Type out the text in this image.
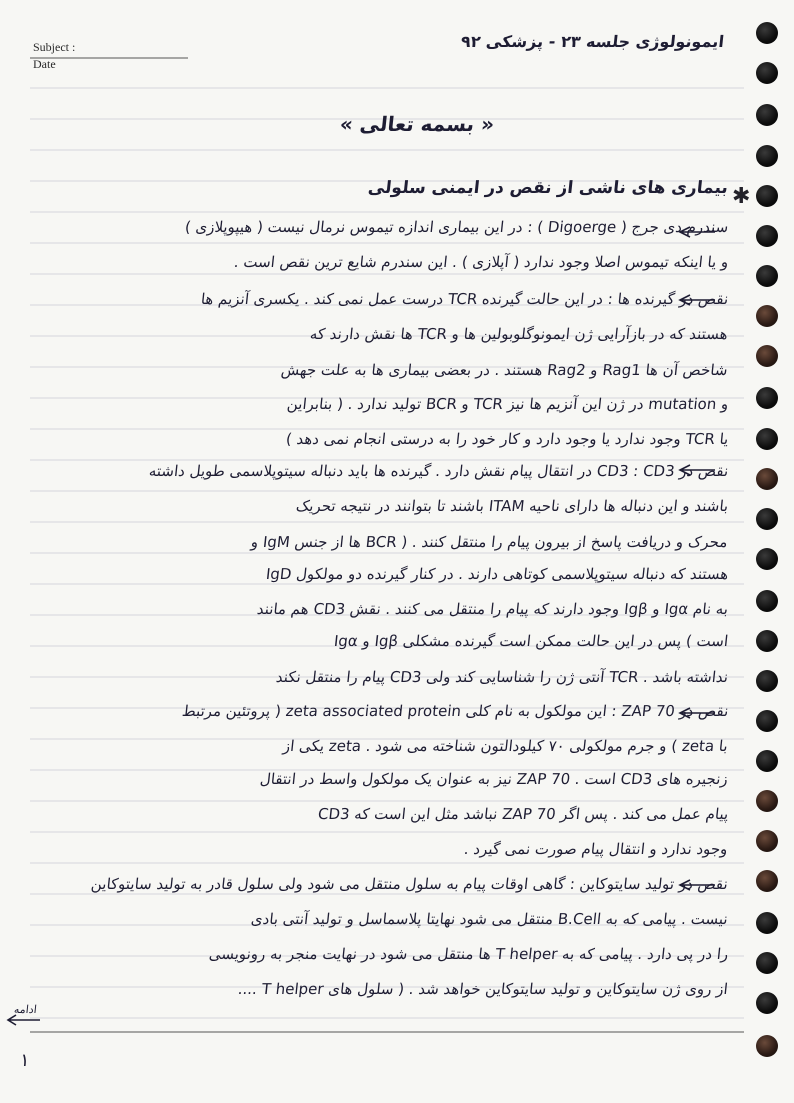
Subject :
Date
ایمونولوژی جلسه ۲۳ - پزشکی ۹۲
« بسمه تعالی »
✱
بیماری های ناشی از نقص در ایمنی سلولی
سندرم دی جرج ( Digoerge ) : در این بیماری اندازه تیموس نرمال نیست ( هیپوپلازی )
و یا اینکه تیموس اصلا وجود ندارد ( آپلازی ) . این سندرم شایع ترین نقص است .
نقص در گیرنده ها : در این حالت گیرنده TCR درست عمل نمی کند . یکسری آنزیم ها
هستند که در بازآرایی ژن ایمونوگلوبولین ها و TCR ها نقش دارند که
شاخص آن ها Rag1 و Rag2 هستند . در بعضی بیماری ها به علت جهش
و mutation در ژن این آنزیم ها نیز TCR و BCR تولید ندارد . ( بنابراین
یا TCR وجود ندارد یا وجود دارد و کار خود را به درستی انجام نمی دهد )
نقص در CD3 : CD3 در انتقال پیام نقش دارد . گیرنده ها باید دنباله سیتوپلاسمی طویل داشته
باشند و این دنباله ها دارای ناحیه ITAM باشند تا بتوانند در نتیجه تحریک
محرک و دریافت پاسخ از بیرون پیام را منتقل کنند . ( BCR ها از جنس IgM و
IgD هستند که دنباله سیتوپلاسمی کوتاهی دارند . در کنار گیرنده دو مولکول
به نام Igα و Igβ وجود دارند که پیام را منتقل می کنند . نقش CD3 هم مانند
Igα و Igβ است ) پس در این حالت ممکن است گیرنده مشکلی
نداشته باشد . TCR آنتی ژن را شناسایی کند ولی CD3 پیام را منتقل نکند
نقص در ZAP 70 : این مولکول به نام کلی zeta associated protein ( پروتئین مرتبط
با zeta ) و جرم مولکولی ۷۰ کیلودالتون شناخته می شود . zeta یکی از
زنجیره های CD3 است . ZAP 70 نیز به عنوان یک مولکول واسط در انتقال
پیام عمل می کند . پس اگر ZAP 70 نباشد مثل این است که CD3
وجود ندارد و انتقال پیام صورت نمی گیرد .
نقص در تولید سایتوکاین : گاهی اوقات پیام به سلول منتقل می شود ولی سلول قادر به تولید سایتوکاین
نیست . پیامی که به B.Cell منتقل می شود نهایتا پلاسماسل و تولید آنتی بادی
را در پی دارد . پیامی که به T helper ها منتقل می شود در نهایت منجر به رونویسی
از روی ژن سایتوکاین و تولید سایتوکاین خواهد شد . ( سلول های T helper ....
ادامه
۱
